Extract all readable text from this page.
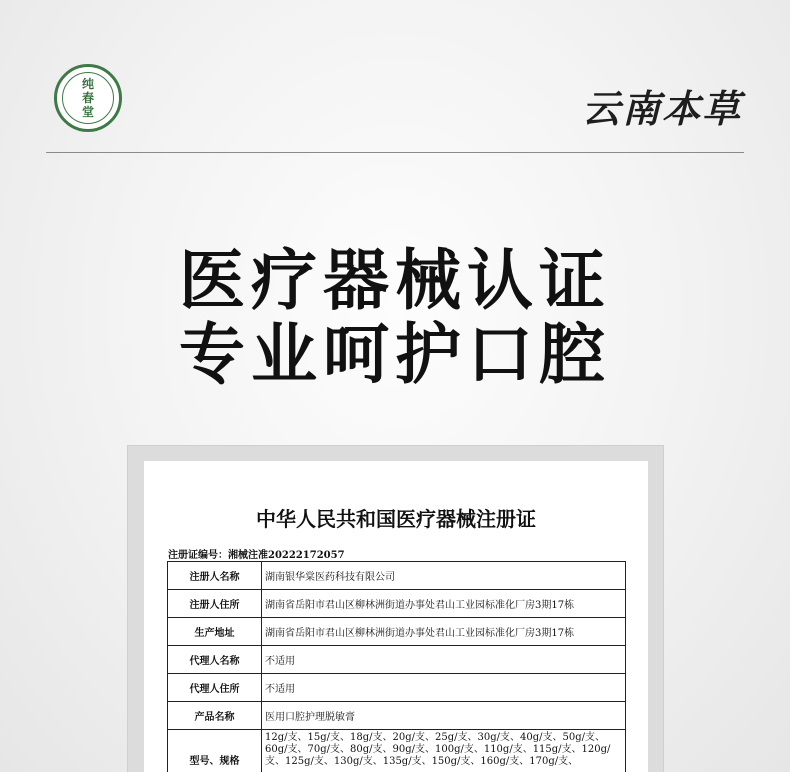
纯
春
堂	云南本草
医疗器械认证
专业呵护口腔
中华人民共和国医疗器械注册证
注册证编号：湘械注准20222172057
注册人名称	湖南银华棠医药科技有限公司
注册人住所	湖南省岳阳市君山区柳林洲街道办事处君山工业园标准化厂房3期17栋
生产地址	湖南省岳阳市君山区柳林洲街道办事处君山工业园标准化厂房3期17栋
代理人名称	不适用
代理人住所	不适用
产品名称	医用口腔护理脱敏膏
型号、规格	12g/支、15g/支、18g/支、20g/支、25g/支、30g/支、40g/支、50g/支、60g/支、70g/支、80g/支、90g/支、100g/支、110g/支、115g/支、120g/支、125g/支、130g/支、135g/支、150g/支、160g/支、170g/支、
